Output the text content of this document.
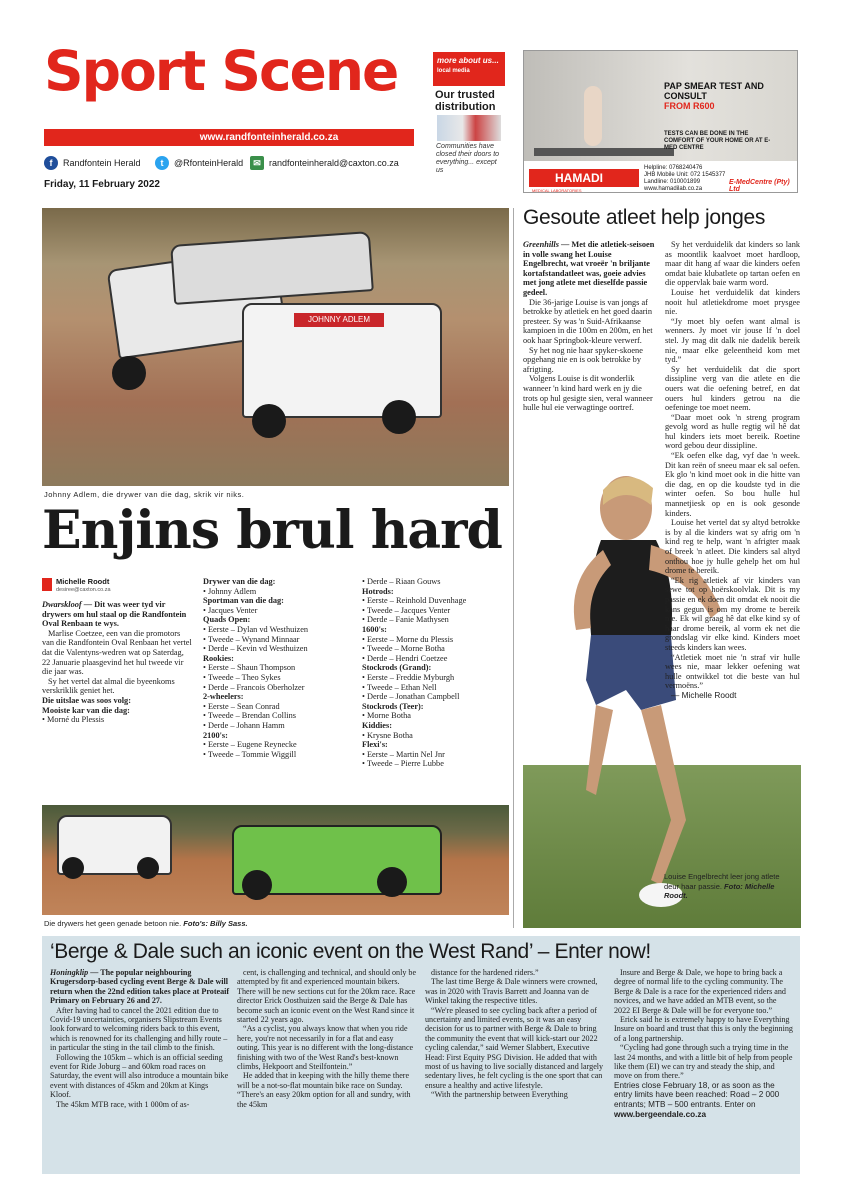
Sport Scene
www.randfonteinherald.co.za
f	Randfontein Herald	t	@RfonteinHerald	✉ randfonteinherald@caxton.co.za
Friday, 11 February 2022
more about us...
local media
Our trusted distribution
Communities have closed their doors to everything... except us
PAP SMEAR TEST AND CONSULT
FROM R600
TESTS CAN BE DONE IN THE COMFORT OF YOUR HOME OR AT E-MED CENTRE
HAMADI
MEDICAL LABORATORIES
Helpline: 0768240476
JHB Mobile Unit: 072 1545377
Landline: 010001899
www.hamadilab.co.za
E-MedCentre (Pty) Ltd
JOHNNY ADLEM
Johnny Adlem, die drywer van die dag, skrik vir niks.
Enjins brul hard
Michelle Roodt
desiree@caxton.co.za

Dwarskloof — Dit was weer tyd vir drywers om hul staal op die Randfontein Oval Renbaan te wys.

Marlise Coetzee, een van die promotors van die Randfontein Oval Renbaan het vertel dat die Valentyns-wedren wat op Saterdag, 22 Januarie plaasgevind het hul tweede vir die jaar was.

Sy het vertel dat almal die byeenkoms verskriklik geniet het.

Die uitslae was soos volg:
Mooiste kar van die dag:
• Morné du Plessis
Drywer van die dag:
• Johnny Adlem
Sportman van die dag:
• Jacques Venter
Quads Open:
• Eerste – Dylan vd Westhuizen
• Tweede – Wynand Minnaar
• Derde – Kevin vd Westhuizen
Rookies:
• Eerste – Shaun Thompson
• Tweede – Theo Sykes
• Derde – Francois Oberholzer
2-wheelers:
• Eerste – Sean Conrad
• Tweede – Brendan Collins
• Derde – Johann Hamm
2100's:
• Eerste – Eugene Reynecke
• Tweede – Tommie Wiggill
• Derde – Riaan Gouws
Hotrods:
• Eerste – Reinhold Duvenhage
• Tweede – Jacques Venter
• Derde – Fanie Mathysen
1600's:
• Eerste – Morne du Plessis
• Tweede – Morne Botha
• Derde – Hendri Coetzee
Stockrods (Grand):
• Eerste – Freddie Myburgh
• Tweede – Ethan Nell
• Derde – Jonathan Campbell
Stockrods (Teer):
• Morne Botha
Kiddies:
• Krysne Botha
Flexi's:
• Eerste – Martin Nel Jnr
• Tweede – Pierre Lubbe
Die drywers het geen genade betoon nie. Foto's: Billy Sass.
Gesoute atleet help jonges

Greenhills — Met die atletiek-seisoen in volle swang het Louise Engelbrecht, wat vroeër 'n briljante kortafstandatleet was, goeie advies met jong atlete met dieselfde passie gedeel.

Die 36-jarige Louise is van jongs af betrokke by atletiek en het goed daarin presteer. Sy was 'n Suid-Afrikaanse kampioen in die 100m en 200m, en het ook haar Springbok-kleure verwerf.

Sy het nog nie haar spyker-skoene opgehang nie en is ook betrokke by afrigting.

Volgens Louise is dit wonderlik wanneer 'n kind hard werk en jy die trots op hul gesigte sien, veral wanneer hulle hul eie verwagtinge oortref.

Sy het verduidelik dat kinders so lank as moontlik kaalvoet moet hardloop, maar dit hang af waar die kinders oefen omdat baie klubatlete op tartan oefen en die oppervlak baie warm word.

Louise het verduidelik dat kinders nooit hul atletiekdrome moet prysgee nie.

“Jy moet bly oefen want almal is wenners. Jy moet vir jouse lf 'n doel stel. Jy mag dit dalk nie dadelik bereik nie, maar elke geleentheid kom met tyd.”

Sy het verduidelik dat die sport dissipline verg van die atlete en die ouers wat die oefening betref, en dat ouers hul kinders getrou na die oefeninge toe moet neem.

“Daar moet ook 'n streng program gevolg word as hulle regtig wil hê dat hul kinders iets moet bereik. Roetine word gebou deur dissipline.

“Ek oefen elke dag, vyf dae 'n week. Dit kan reën of sneeu maar ek sal oefen. Ek glo 'n kind moet ook in die hitte van die dag, en op die koudste tyd in die winter oefen. So bou hulle hul mannetjiesk op en is ook gesonde kinders.

Louise het vertel dat sy altyd betrokke is by al die kinders wat sy afrig om 'n kind reg te help, want 'n afrigter maak of breek 'n atleet. Die kinders sal altyd onthou hoe jy hulle gehelp het om hul drome te bereik.

“Ek rig atletiek af vir kinders van sewe tot op hoërskoolvlak. Dit is my passie en ek doen dit omdat ek nooit die kans gegun is om my drome te bereik nie. Ek wil graag hê dat elke kind sy of haar drome bereik, al vorm ek net die grondslag vir elke kind. Kinders moet steeds kinders kan wees.

“Atletiek moet nie 'n straf vir hulle wees nie, maar lekker oefening wat hulle ontwikkel tot die beste van hul vermoëns.”

— Michelle Roodt

Louise Engelbrecht leer jong atlete deur haar passie. Foto: Michelle Roodt.
‘Berge & Dale such an iconic event on the West Rand’ – Enter now!

Honingklip — The popular neighbouring Krugersdorp-based cycling event Berge & Dale will return when the 22nd edition takes place at Proteaif Primary on February 26 and 27.

After having had to cancel the 2021 edition due to Covid-19 uncertainties, organisers Slipstream Events look forward to welcoming riders back to this event, which is renowned for its challenging and hilly route – in particular the sting in the tail climb to the finish.

Following the 105km – which is an official seeding event for Ride Joburg – and 60km road races on Saturday, the event will also introduce a mountain bike event with distances of 45km and 20km at Kings Kloof.

The 45km MTB race, with 1 000m of as-

cent, is challenging and technical, and should only be attempted by fit and experienced mountain bikers. There will be new sections cut for the 20km race. Race director Erick Oosthuizen said the Berge & Dale has become such an iconic event on the West Rand since it started 22 years ago.

“As a cyclist, you always know that when you ride here, you're not necessarily in for a flat and easy outing. This year is no different with the long-distance finishing with two of the West Rand's best-known climbs, Hekpoort and Steilfontein.”

He added that in keeping with the hilly theme there will be a not-so-flat mountain bike race on Sunday. “There's an easy 20km option for all and sundry, with the 45km

distance for the hardened riders.”

The last time Berge & Dale winners were crowned, was in 2020 with Travis Barrett and Joanna van de Winkel taking the respective titles.

“We're pleased to see cycling back after a period of uncertainty and limited events, so it was an easy decision for us to partner with Berge & Dale to bring the community the event that will kick-start our 2022 cycling calendar,” said Werner Slabbert, Executive Head: First Equity PSG Division. He added that with most of us having to live socially distanced and largely sedentary lives, he felt cycling is the one sport that can ensure a healthy and active lifestyle.

“With the partnership between Everything

Insure and Berge & Dale, we hope to bring back a degree of normal life to the cycling community. The Berge & Dale is a race for the experienced riders and novices, and we have added an MTB event, so the 2022 EI Berge & Dale will be for everyone too.”

Erick said he is extremely happy to have Everything Insure on board and trust that this is only the beginning of a long partnership.

“Cycling had gone through such a trying time in the last 24 months, and with a little bit of help from people like them (EI) we can try and steady the ship, and move on from there.”

Entries close February 18, or as soon as the entry limits have been reached: Road – 2 000 entrants; MTB – 500 entrants. Enter on www.bergeendale.co.za
